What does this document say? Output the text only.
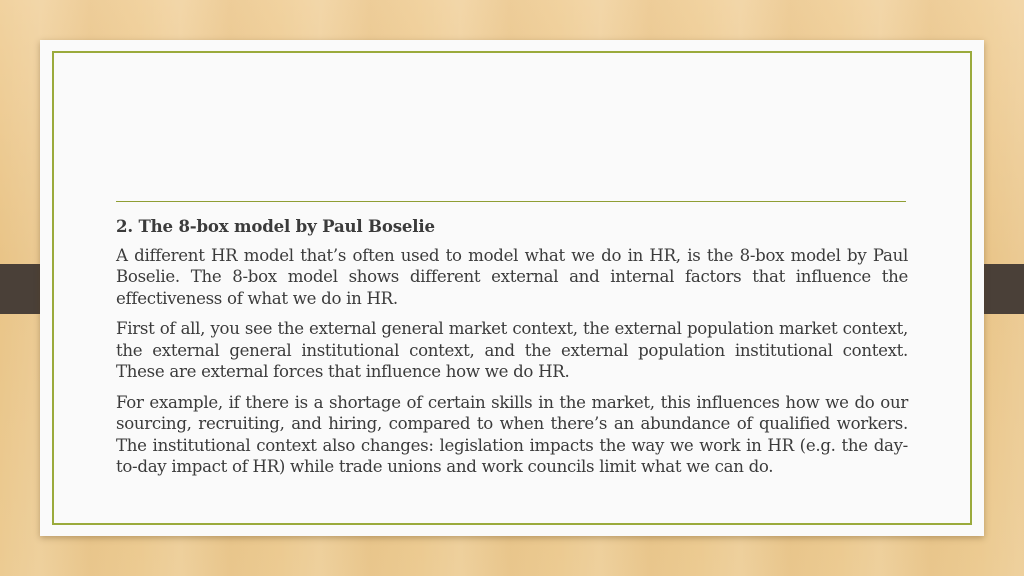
2. The 8-box model by Paul Boselie

A different HR model that’s often used to model what we do in HR, is the 8-box model by Paul Boselie. The 8-box model shows different external and internal factors that influence the effectiveness of what we do in HR.

First of all, you see the external general market context, the external population market context, the external general institutional context, and the external population institutional context. These are external forces that influence how we do HR.

For example, if there is a shortage of certain skills in the market, this influences how we do our sourcing, recruiting, and hiring, compared to when there’s an abundance of qualified workers. The institutional context also changes: legislation impacts the way we work in HR (e.g. the day-to-day impact of HR) while trade unions and work councils limit what we can do.
